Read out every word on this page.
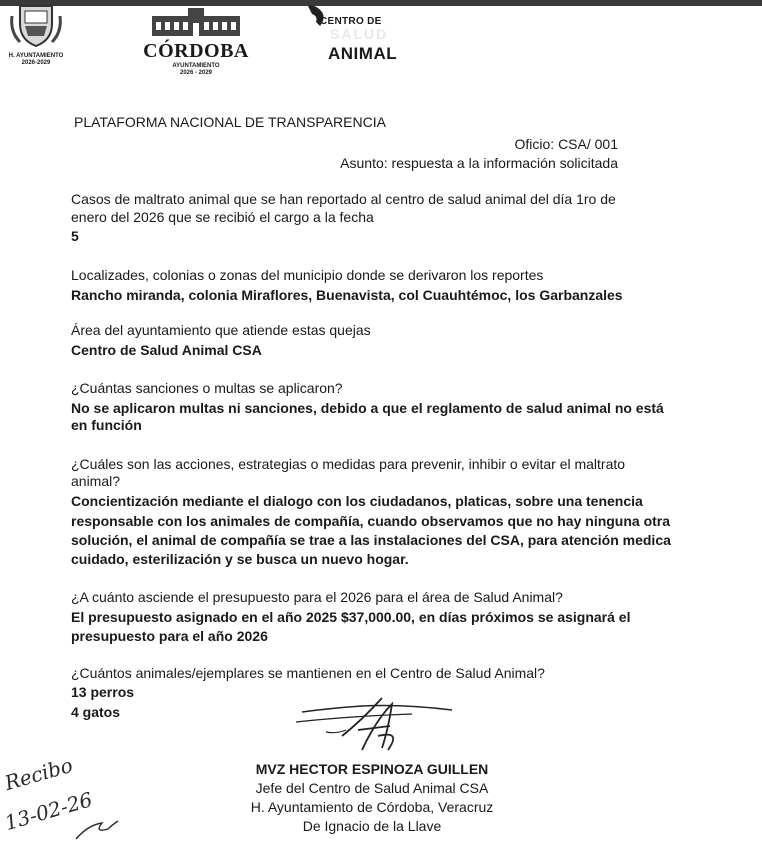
H. AYUNTAMIENTO
2026-2029
CÓRDOBA
AYUNTAMIENTO
2026 - 2029
CENTRO DE
SALUD
ANIMAL
PLATAFORMA NACIONAL DE TRANSPARENCIA
Oficio: CSA/ 001
Asunto: respuesta a la información solicitada
Casos de maltrato animal que se han reportado al centro de salud animal del día 1ro de
enero del 2026 que se recibió el cargo a la fecha
5
Localizades, colonias o zonas del municipio donde se derivaron los reportes
Rancho miranda, colonia Miraflores, Buenavista, col Cuauhtémoc, los Garbanzales
Área del ayuntamiento que atiende estas quejas
Centro de Salud Animal CSA
¿Cuántas sanciones o multas se aplicaron?
No se aplicaron multas ni sanciones, debido a que el reglamento de salud animal no está
en función
¿Cuáles son las acciones, estrategias o medidas para prevenir, inhibir o evitar el maltrato
animal?
Concientización mediante el dialogo con los ciudadanos, platicas, sobre una tenencia
responsable con los animales de compañía, cuando observamos que no hay ninguna otra
solución, el animal de compañía se trae a las instalaciones del CSA, para atención medica
cuidado, esterilización y se busca un nuevo hogar.
¿A cuánto asciende el presupuesto para el 2026 para el área de Salud Animal?
El presupuesto asignado en el año 2025 $37,000.00, en días próximos se asignará el
presupuesto para el año 2026
¿Cuántos animales/ejemplares se mantienen en el Centro de Salud Animal?
13 perros
4 gatos
MVZ HECTOR ESPINOZA GUILLEN
Jefe del Centro de Salud Animal CSA
H. Ayuntamiento de Córdoba, Veracruz
De Ignacio de la Llave
Recibo
13-02-26
